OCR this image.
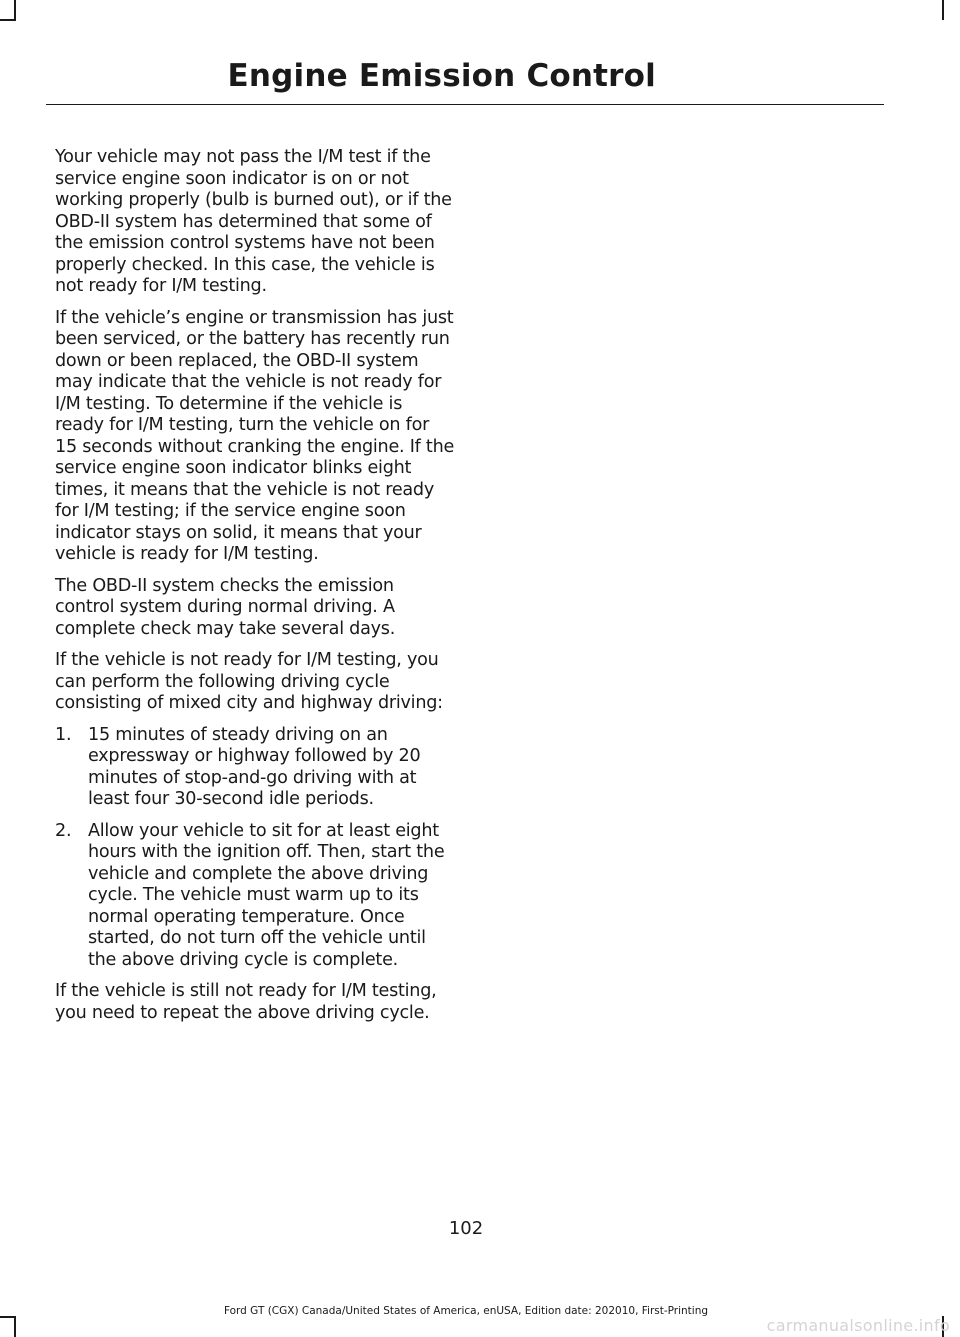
Engine Emission Control

Your vehicle may not pass the I/M test if the service engine soon indicator is on or not working properly (bulb is burned out), or if the OBD-II system has determined that some of the emission control systems have not been properly checked. In this case, the vehicle is not ready for I/M testing.

If the vehicle’s engine or transmission has just been serviced, or the battery has recently run down or been replaced, the OBD-II system may indicate that the vehicle is not ready for I/M testing. To determine if the vehicle is ready for I/M testing, turn the vehicle on for 15 seconds without cranking the engine. If the service engine soon indicator blinks eight times, it means that the vehicle is not ready for I/M testing; if the service engine soon indicator stays on solid, it means that your vehicle is ready for I/M testing.

The OBD-II system checks the emission control system during normal driving. A complete check may take several days.

If the vehicle is not ready for I/M testing, you can perform the following driving cycle consisting of mixed city and highway driving:

1. 15 minutes of steady driving on an expressway or highway followed by 20 minutes of stop-and-go driving with at least four 30-second idle periods.
2. Allow your vehicle to sit for at least eight hours with the ignition off. Then, start the vehicle and complete the above driving cycle. The vehicle must warm up to its normal operating temperature. Once started, do not turn off the vehicle until the above driving cycle is complete.

If the vehicle is still not ready for I/M testing, you need to repeat the above driving cycle.

102
Ford GT (CGX) Canada/United States of America, enUSA, Edition date: 202010, First-Printing
carmanualsonline.info
